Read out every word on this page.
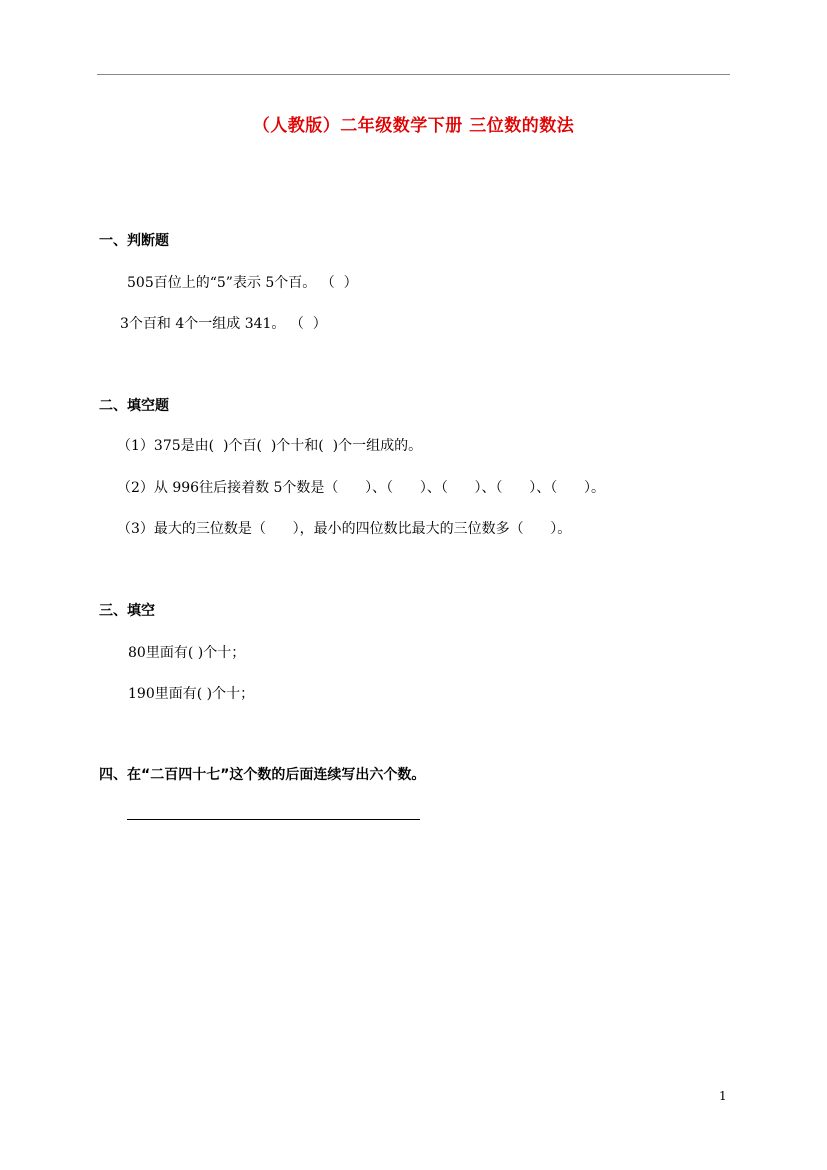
（人教版）二年级数学下册 三位数的数法
一、判断题
505百位上的“5”表示 5个百。 （  ）
3个百和 4个一组成 341。 （  ）
二、填空题
（1）375是由(  )个百(  )个十和(  )个一组成的。
（2）从 996往后接着数 5个数是（      ）、（      ）、（      ）、（      ）、（      ）。
（3）最大的三位数是（      ），最小的四位数比最大的三位数多（      ）。
三、填空
80里面有( )个十；
190里面有( )个十；
四、在“二百四十七”这个数的后面连续写出六个数。
1
